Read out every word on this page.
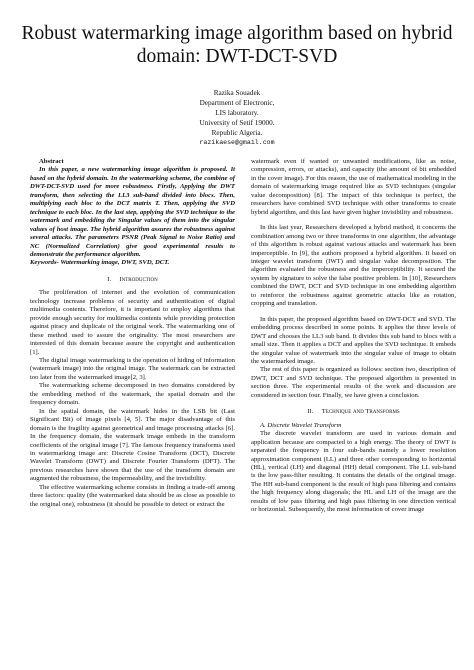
Robust watermarking image algorithm based on hybrid domain: DWT-DCT-SVD
Razika Souadek
Department of Electronic,
LIS laboratory.
University of Setif 19000.
Republic Algeria.
razikaese@gmail.com

Abstract

In this paper, a new watermarking image algorithm is proposed. It based on the hybrid domain. In the watermarking scheme, the combine of DWT-DCT-SVD used for more robustness. Firstly, Applying the DWT transform, then selecting the LL3 sub-band divided into blocs. Then, multiplying each bloc to the DCT matrix T. Then, applying the SVD technique to each bloc. In the last step, applying the SVD technique to the watermark and embedding the Singular values of them into the singular values of host image. The hybrid algorithm assures the robustness against several attacks. The parameters PSNR (Peak Signal to Noise Ratio) and NC (Normalized Correlation) give good experimental results to demonstrate the performance algorithm.

Keywords- Watermarking image, DWT, SVD, DCT.

I. Introduction

The proliferation of internet and the evolution of communication technology increase problems of security and authentication of digital multimedia contents. Therefore, it is important to employ algorithms that provide enough security for multimedia contents while providing protection against piracy and duplicate of the original work. The watermarking one of these method used to assure the originality. The most researchers are interested of this domain because assure the copyright and authentication [1].

The digital image watermarking is the operation of hiding of information (watermark image) into the original image. The watermark can be extracted too later from the watermarked image[2, 3].

The watermarking scheme decomposed in two domains considered by the embedding method of the watermark, the spatial domain and the frequency domain.

In the spatial domain, the watermark hides in the LSB bit (Last Significant Bit) of image pixels [4, 5]. The major disadvantage of this domain is the fragility against geometrical and image processing attacks [6]. In the frequency domain, the watermark image embeds in the transform coefficients of the original image [7]. The famous frequency transforms used in watermarking image are: Discrete Cosine Transform (DCT), Discrete Wavelet Transform (DWT) and Discrete Fourier Transform (DFT). The previous researches have shown that the use of the transform domain are augmented the robustness, the impermeability, and the invisibility.

The effective watermarking scheme consists in finding a trade-off among three factors: quality (the watermarked data should be as close as possible to the original one), robustness (it should be possible to detect or extract the

watermark even if wanted or unwanted modifications, like as noise, compression, errors, or attacks), and capacity (the amount of bit embedded in the cover image). For this reason, the use of mathematical modeling in the domain of watermarking image required like as SVD techniques (singular value decomposition) [8]. The impact of this technique is perfect, the researchers have combined SVD technique with other transforms to create hybrid algorithm, and this last have given higher invisibility and robustness.

In this last year, Researchers developed a hybrid method, it concerns the combination among two or three transforms in one algorithm, the advantage of this algorithm is robust against various attacks and watermark has been imperceptible. In [9], the authors proposed a hybrid algorithm. It based on integer wavelet transform (IWT) and singular value decomposition. The algorithm evaluated the robustness and the imperceptibility. It secured the system by signature to solve the false positive problem. In [10], Researchers combined the DWT, DCT and SVD technique in one embedding algorithm to reinforce the robustness against geometric attacks like as rotation, cropping and translation.

In this paper, the proposed algorithm based on DWT-DCT and SVD. The embedding process described in some points. It applies the three levels of DWT and chooses the LL3 sub band. It divides this sub band to blocs with a small size. Then it applies a DCT and applies the SVD technique. It embeds the singular value of watermark into the singular value of image to obtain the watermarked image.

The rest of this paper is organized as follows: section two, description of DWT, DCT and SVD technique. The proposed algorithm is presented in section three. The experimental results of the work and discussion are considered in section four. Finally, we have given a conclusion.

II. Technique and Transforms

A. Discrete Wavelet Transform

The discrete wavelet transform are used in various domain and application because are compacted to a high energy. The theory of DWT is separated the frequency in four sub-bands namely a lower resolution approximation component (LL) and three other corresponding to horizontal (HL), vertical (LH) and diagonal (HH) detail component. The LL sub-band is the low pass-filter resulting. It contains the details of the original image. The HH sub-band component is the result of high pass filtering and contains the high frequency along diagonals; the HL and LH of the image are the results of low pass filtering and high pass filtering in one direction vertical or horizontal. Subsequently, the most information of cover image
